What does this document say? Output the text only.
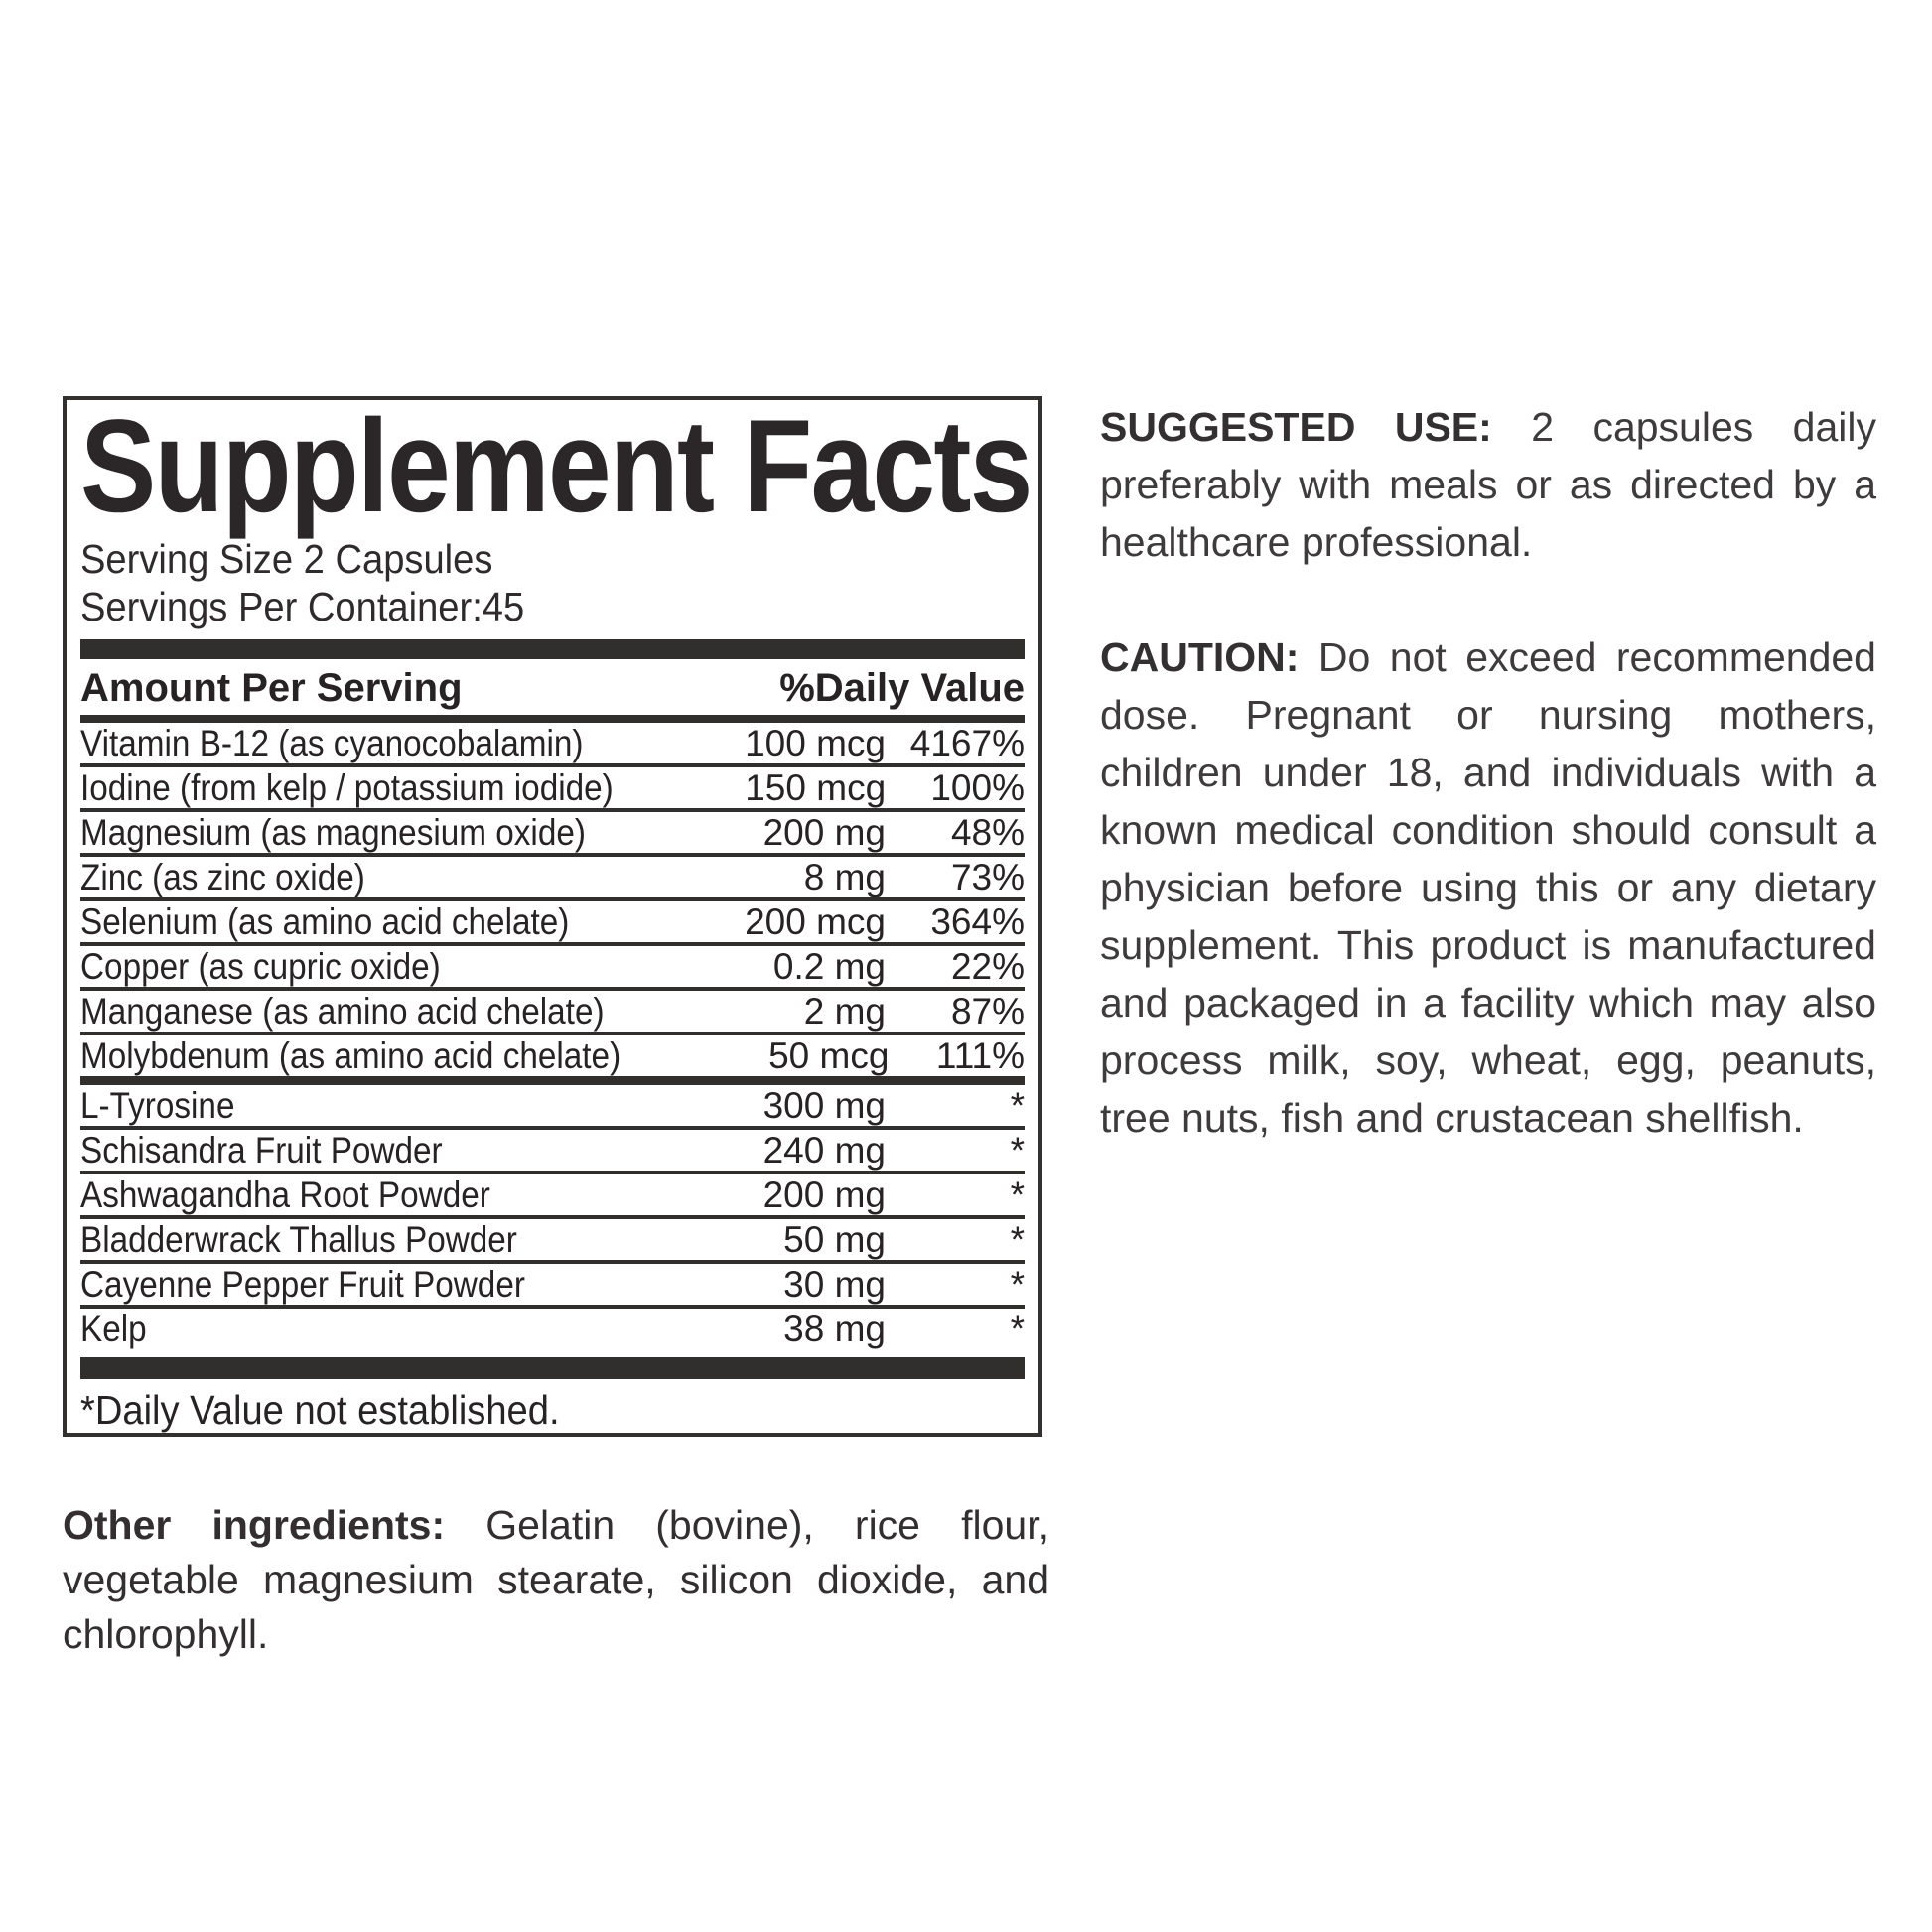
Supplement Facts
Serving Size 2 Capsules
Servings Per Container:45
Amount Per Serving	%Daily Value
Vitamin B-12 (as cyanocobalamin)	100 mcg 4167%
Iodine (from kelp / potassium iodide)	150 mcg	100%
Magnesium (as magnesium oxide)	200 mg	48%
Zinc (as zinc oxide)	8 mg	73%
Selenium (as amino acid chelate)	200 mcg	364%
Copper (as cupric oxide)	0.2 mg	22%
Manganese (as amino acid chelate)	2 mg	87%
Molybdenum (as amino acid chelate)	50 mcg	111%
L-Tyrosine	300 mg	*
Schisandra Fruit Powder	240 mg	*
Ashwagandha Root Powder	200 mg	*
Bladderwrack Thallus Powder	50 mg	*
Cayenne Pepper Fruit Powder	30 mg	*
Kelp	38 mg	*
*Daily Value not established.

Other ingredients: Gelatin (bovine), rice flour, vegetable magnesium stearate, silicon dioxide, and chlorophyll.

SUGGESTED USE: 2 capsules daily preferably with meals or as directed by a healthcare professional.

CAUTION: Do not exceed recommended dose. Pregnant or nursing mothers, children under 18, and individuals with a known medical condition should consult a physician before using this or any dietary supplement. This product is manufactured and packaged in a facility which may also process milk, soy, wheat, egg, peanuts, tree nuts, fish and crustacean shellfish.
